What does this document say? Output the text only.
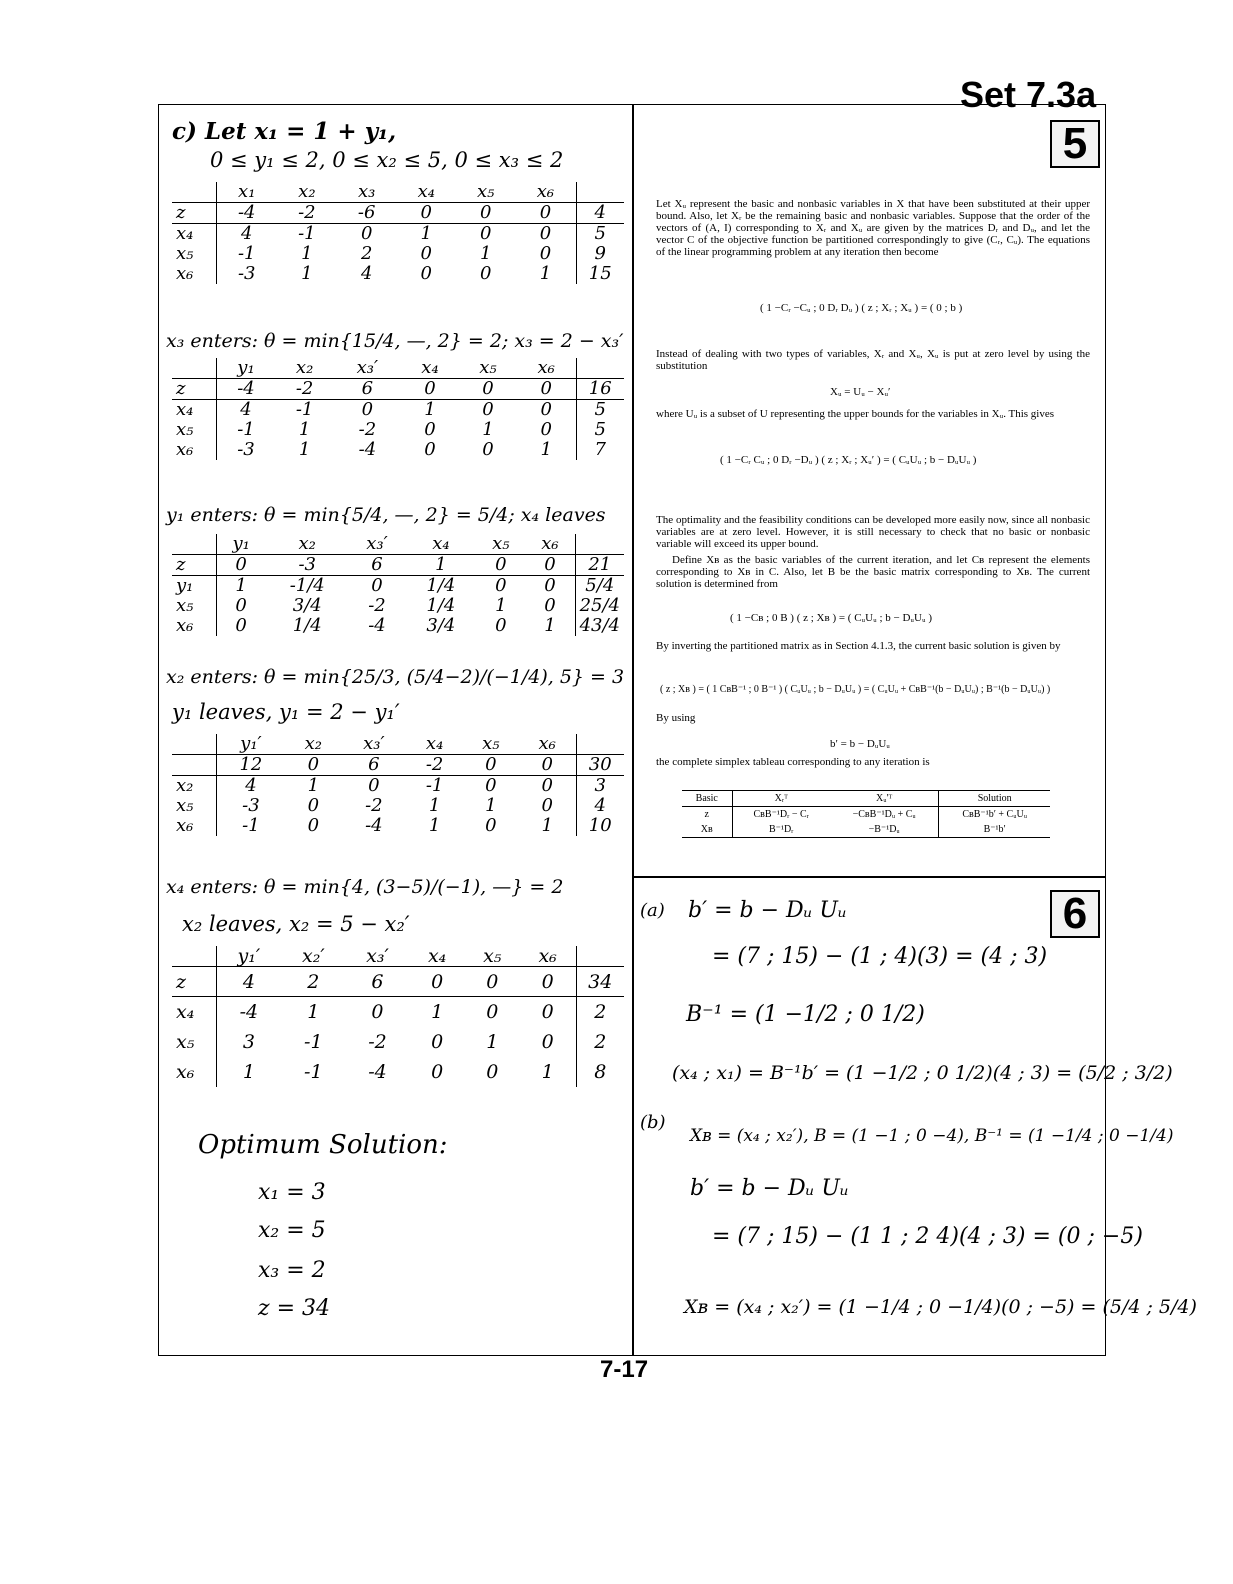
Set 7.3a
5
6
c) Let x₁ = 1 + y₁,
0 ≤ y₁ ≤ 2, 0 ≤ x₂ ≤ 5, 0 ≤ x₃ ≤ 2
	x₁	x₂	x₃	x₄	x₅	x₆	
z	-4	-2	-6	0	0	0	4
x₄	4	-1	0	1	0	0	5
x₅	-1	1	2	0	1	0	9
x₆	-3	1	4	0	0	1	15
x₃ enters: θ = min{15/4, —, 2} = 2; x₃ = 2 − x₃′
	y₁	x₂	x₃′	x₄	x₅	x₆	
z	-4	-2	6	0	0	0	16
x₄	4	-1	0	1	0	0	5
x₅	-1	1	-2	0	1	0	5
x₆	-3	1	-4	0	0	1	7
y₁ enters: θ = min{5/4, —, 2} = 5/4; x₄ leaves
	y₁	x₂	x₃′	x₄	x₅	x₆	
z	0	-3	6	1	0	0	21
y₁	1	-1/4	0	1/4	0	0	5/4
x₅	0	3/4	-2	1/4	1	0	25/4
x₆	0	1/4	-4	3/4	0	1	43/4
x₂ enters: θ = min{25/3, (5/4−2)/(−1/4), 5} = 3
y₁ leaves, y₁ = 2 − y₁′
	y₁′	x₂	x₃′	x₄	x₅	x₆	
	12	0	6	-2	0	0	30
x₂	4	1	0	-1	0	0	3
x₅	-3	0	-2	1	1	0	4
x₆	-1	0	-4	1	0	1	10
x₄ enters: θ = min{4, (3−5)/(−1), —} = 2
x₂ leaves, x₂ = 5 − x₂′
	y₁′	x₂′	x₃′	x₄	x₅	x₆	
z	4	2	6	0	0	0	34
x₄	-4	1	0	1	0	0	2
x₅	3	-1	-2	0	1	0	2
x₆	1	-1	-4	0	0	1	8
Optimum Solution:
x₁ = 3
x₂ = 5
x₃ = 2
z = 34
Let Xᵤ represent the basic and nonbasic variables in X that have been substituted at their upper bound. Also, let Xᵣ be the remaining basic and nonbasic variables. Suppose that the order of the vectors of (A, I) corresponding to Xᵣ and Xᵤ are given by the matrices Dᵣ and Dᵤ, and let the vector C of the objective function be partitioned correspondingly to give (Cᵣ, Cᵤ). The equations of the linear programming problem at any iteration then become
( 1 −Cᵣ −Cᵤ ; 0 Dᵣ Dᵤ ) ( z ; Xᵣ ; Xᵤ ) = ( 0 ; b )
Instead of dealing with two types of variables, Xᵣ and Xᵤ, Xᵤ is put at zero level by using the substitution
Xᵤ = Uᵤ − Xᵤ′
where Uᵤ is a subset of U representing the upper bounds for the variables in Xᵤ. This gives
( 1 −Cᵣ Cᵤ ; 0 Dᵣ −Dᵤ ) ( z ; Xᵣ ; Xᵤ′ ) = ( CᵤUᵤ ; b − DᵤUᵤ )
The optimality and the feasibility conditions can be developed more easily now, since all nonbasic variables are at zero level. However, it is still necessary to check that no basic or nonbasic variable will exceed its upper bound.
Define Xʙ as the basic variables of the current iteration, and let Cʙ represent the elements corresponding to Xʙ in C. Also, let B be the basic matrix corresponding to Xʙ. The current solution is determined from
( 1 −Cʙ ; 0 B ) ( z ; Xʙ ) = ( CᵤUᵤ ; b − DᵤUᵤ )
By inverting the partitioned matrix as in Section 4.1.3, the current basic solution is given by
( z ; Xʙ ) = ( 1 CʙB⁻¹ ; 0 B⁻¹ ) ( CᵤUᵤ ; b − DᵤUᵤ ) = ( CᵤUᵤ + CʙB⁻¹(b − DᵤUᵤ) ; B⁻¹(b − DᵤUᵤ) )
By using
b′ = b − DᵤUᵤ
the complete simplex tableau corresponding to any iteration is
Basic	Xᵣᵀ	Xᵤ′ᵀ	Solution
z	CʙB⁻¹Dᵣ − Cᵣ	−CʙB⁻¹Dᵤ + Cᵤ	CʙB⁻¹b′ + CᵤUᵤ
Xʙ	B⁻¹Dᵣ	−B⁻¹Dᵤ	B⁻¹b′
(a) b′ = b − Dᵤ Uᵤ
= (7 ; 15) − (1 ; 4)(3) = (4 ; 3)
B⁻¹ = (1 −1/2 ; 0 1/2)
(x₄ ; x₁) = B⁻¹b′ = (1 −1/2 ; 0 1/2)(4 ; 3) = (5/2 ; 3/2)
(b)
Xʙ = (x₄ ; x₂′), B = (1 −1 ; 0 −4), B⁻¹ = (1 −1/4 ; 0 −1/4)
b′ = b − Dᵤ Uᵤ
= (7 ; 15) − (1 1 ; 2 4)(4 ; 3) = (0 ; −5)
Xʙ = (x₄ ; x₂′) = (1 −1/4 ; 0 −1/4)(0 ; −5) = (5/4 ; 5/4)
7-17
